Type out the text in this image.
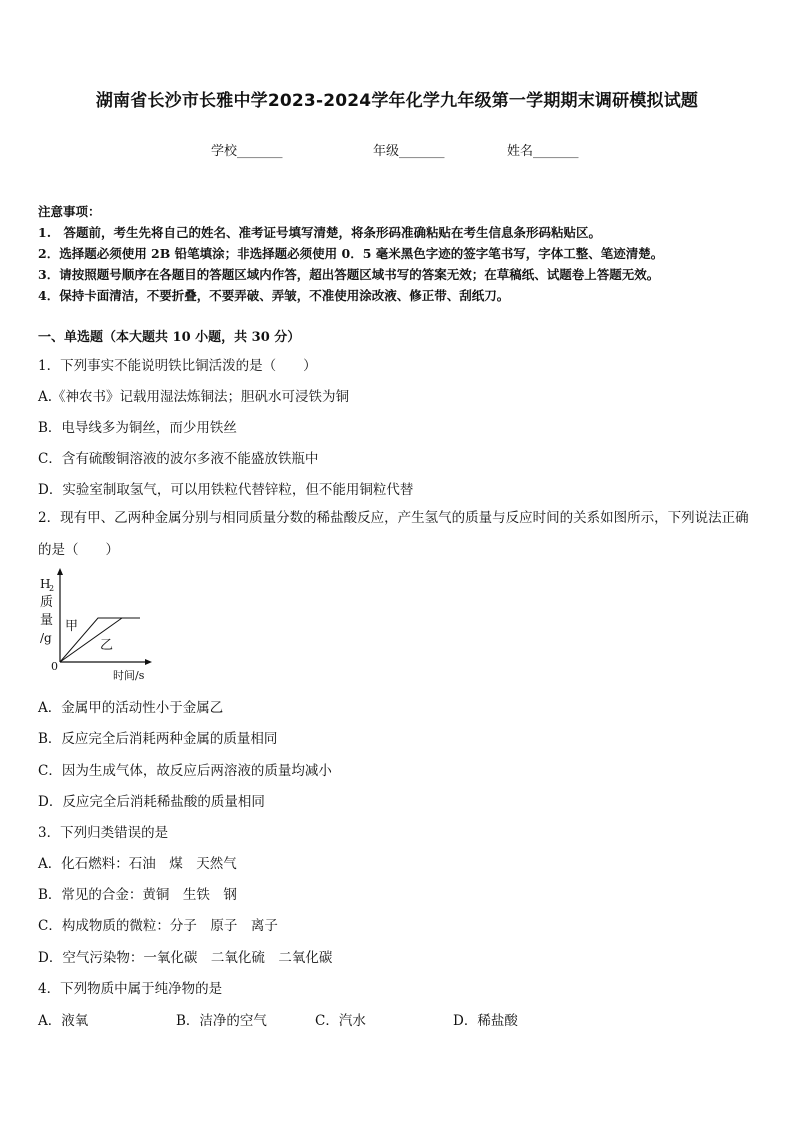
湖南省长沙市长雅中学2023-2024学年化学九年级第一学期期末调研模拟试题
学校_______	年级_______	姓名_______
注意事项：
1.　答题前，考生先将自己的姓名、准考证号填写清楚，将条形码准确粘贴在考生信息条形码粘贴区。
2．选择题必须使用 2B 铅笔填涂；非选择题必须使用 0．5 毫米黑色字迹的签字笔书写，字体工整、笔迹清楚。
3．请按照题号顺序在各题目的答题区域内作答，超出答题区域书写的答案无效；在草稿纸、试题卷上答题无效。
4．保持卡面清洁，不要折叠，不要弄破、弄皱，不准使用涂改液、修正带、刮纸刀。
一、单选题（本大题共 10 小题，共 30 分）
1．下列事实不能说明铁比铜活泼的是（　　）
A.《神农书》记载用湿法炼铜法；胆矾水可浸铁为铜
B．电导线多为铜丝，而少用铁丝
C．含有硫酸铜溶液的波尔多液不能盛放铁瓶中
D．实验室制取氢气，可以用铁粒代替锌粒，但不能用铜粒代替
2．现有甲、乙两种金属分别与相同质量分数的稀盐酸反应，产生氢气的质量与反应时间的关系如图所示，下列说法正确的是（　　）
H
2
质
量
/g
0
时间/s
甲
乙
A．金属甲的活动性小于金属乙
B．反应完全后消耗两种金属的质量相同
C．因为生成气体，故反应后两溶液的质量均减小
D．反应完全后消耗稀盐酸的质量相同
3．下列归类错误的是
A．化石燃料：石油　煤　天然气
B．常见的合金：黄铜　生铁　钢
C．构成物质的微粒：分子　原子　离子
D．空气污染物：一氧化碳　二氧化硫　二氧化碳
4．下列物质中属于纯净物的是
A．液氧	B．洁净的空气	C．汽水	D．稀盐酸
